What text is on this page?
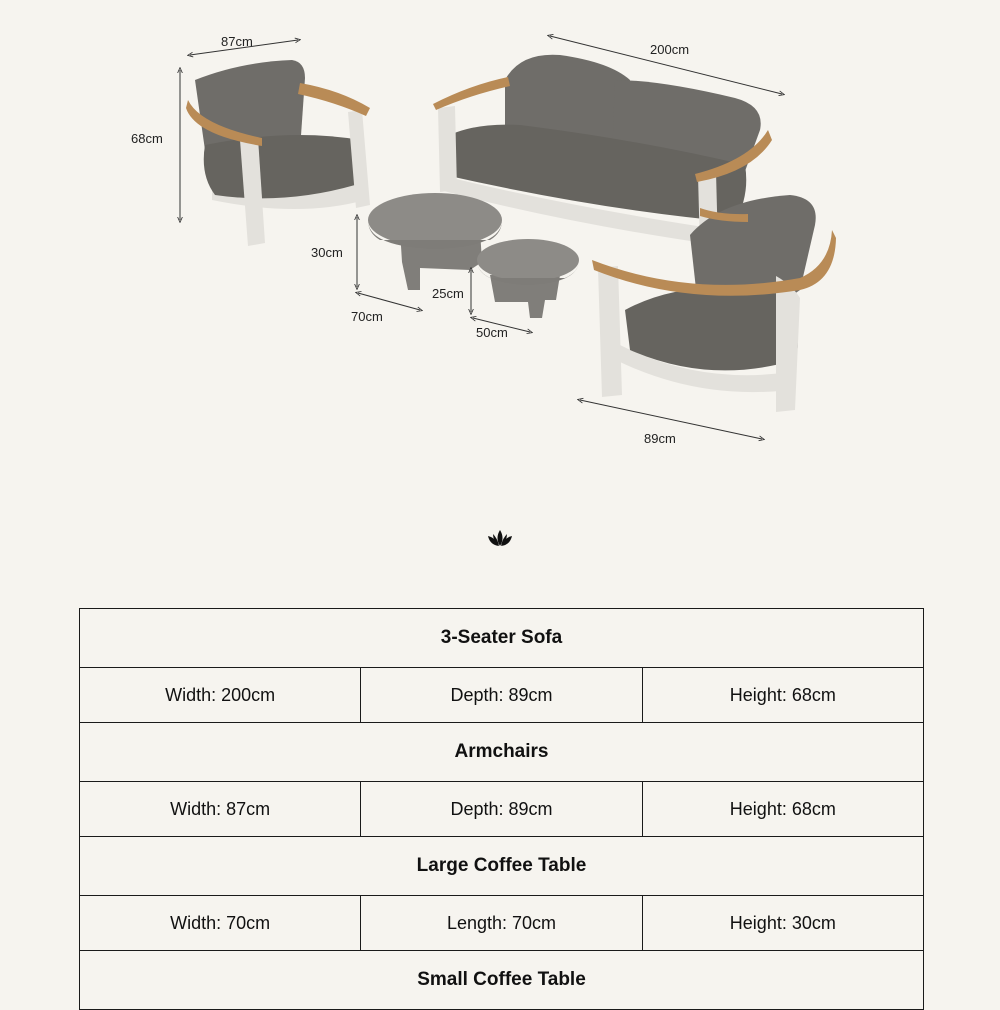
87cm
68cm
200cm
30cm
70cm
25cm
50cm
89cm
3-Seater Sofa		
Width: 200cm	Depth: 89cm	Height: 68cm
Armchairs		
Width: 87cm	Depth: 89cm	Height: 68cm
Large Coffee Table		
Width: 70cm	Length: 70cm	Height: 30cm
Small Coffee Table		
